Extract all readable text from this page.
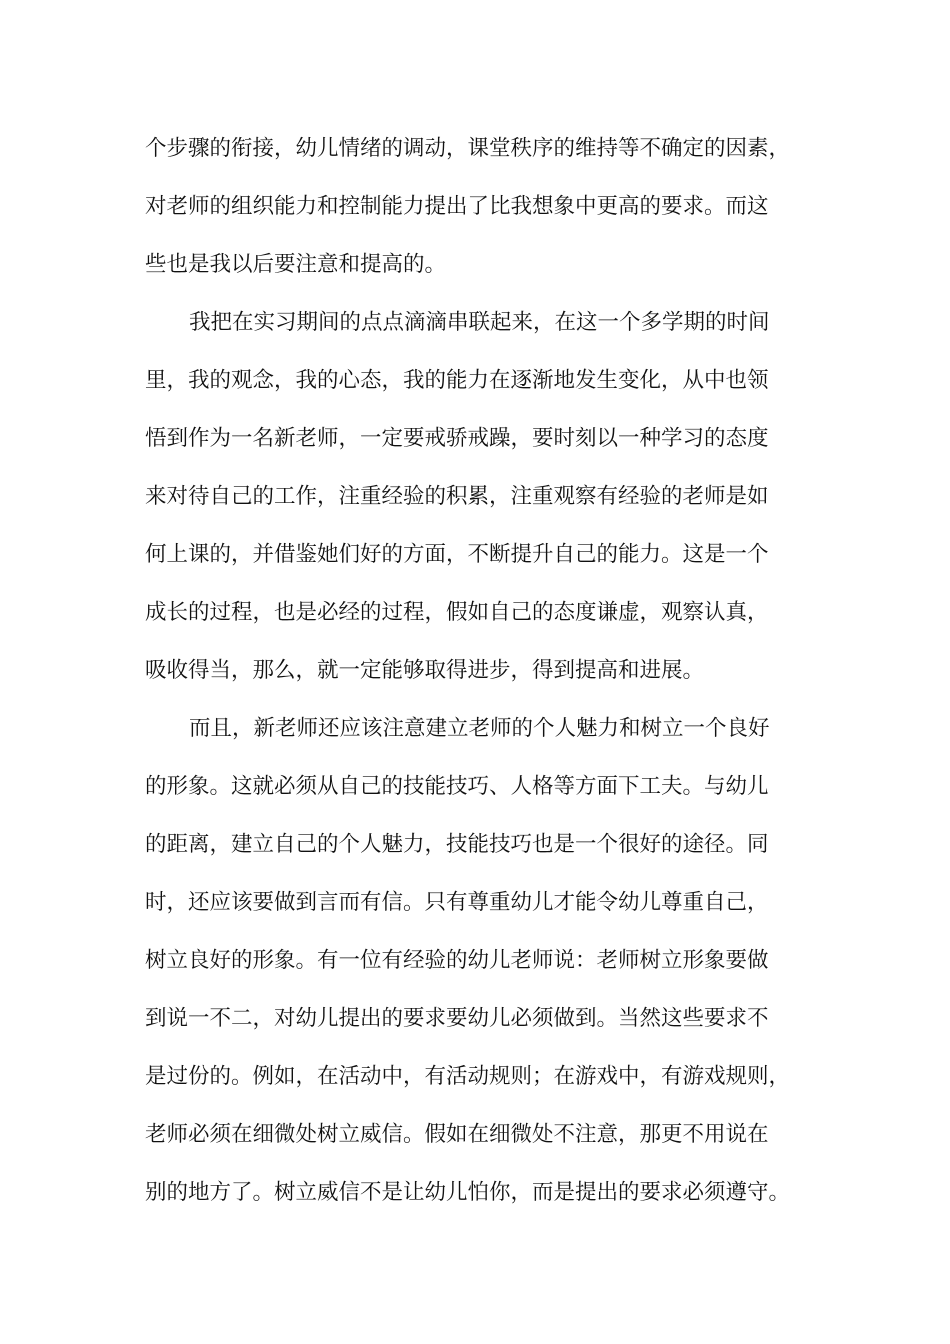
个步骤的衔接，幼儿情绪的调动，课堂秩序的维持等不确定的因素，
对老师的组织能力和控制能力提出了比我想象中更高的要求。而这
些也是我以后要注意和提高的。
我把在实习期间的点点滴滴串联起来，在这一个多学期的时间
里，我的观念，我的心态，我的能力在逐渐地发生变化，从中也领
悟到作为一名新老师，一定要戒骄戒躁，要时刻以一种学习的态度
来对待自己的工作，注重经验的积累，注重观察有经验的老师是如
何上课的，并借鉴她们好的方面，不断提升自己的能力。这是一个
成长的过程，也是必经的过程，假如自己的态度谦虚，观察认真，
吸收得当，那么，就一定能够取得进步，得到提高和进展。
而且，新老师还应该注意建立老师的个人魅力和树立一个良好
的形象。这就必须从自己的技能技巧、人格等方面下工夫。与幼儿
的距离，建立自己的个人魅力，技能技巧也是一个很好的途径。同
时，还应该要做到言而有信。只有尊重幼儿才能令幼儿尊重自己，
树立良好的形象。有一位有经验的幼儿老师说：老师树立形象要做
到说一不二，对幼儿提出的要求要幼儿必须做到。当然这些要求不
是过份的。例如，在活动中，有活动规则；在游戏中，有游戏规则，
老师必须在细微处树立威信。假如在细微处不注意，那更不用说在
别的地方了。树立威信不是让幼儿怕你，而是提出的要求必须遵守。
